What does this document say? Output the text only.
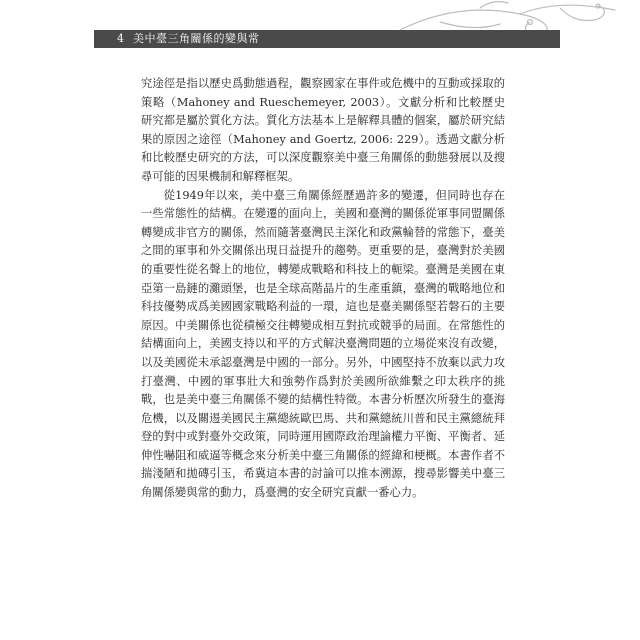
4 美中臺三角關係的變與常

究途徑是指以歷史爲動態過程，觀察國家在事件或危機中的互動或採取的策略（Mahoney and Rueschemeyer, 2003）。文獻分析和比較歷史研究都是屬於質化方法。質化方法基本上是解釋具體的個案，屬於研究結果的原因之途徑（Mahoney and Goertz, 2006: 229）。透過文獻分析和比較歷史研究的方法，可以深度觀察美中臺三角關係的動態發展以及搜尋可能的因果機制和解釋框架。

從1949年以來，美中臺三角關係經歷過許多的變遷，但同時也存在一些常態性的結構。在變遷的面向上，美國和臺灣的關係從軍事同盟關係轉變成非官方的關係，然而隨著臺灣民主深化和政黨輪替的常態下，臺美之間的軍事和外交關係出現日益提升的趨勢。更重要的是，臺灣對於美國的重要性從名聲上的地位，轉變成戰略和科技上的軛梁。臺灣是美國在東亞第一島鏈的灘頭堡，也是全球高階晶片的生產重鎮，臺灣的戰略地位和科技優勢成爲美國國家戰略利益的一環，這也是臺美關係堅若磐石的主要原因。中美關係也從積極交往轉變成相互對抗或競爭的局面。在常態性的結構面向上，美國支持以和平的方式解決臺灣問題的立場從來沒有改變，以及美國從未承認臺灣是中國的一部分。另外，中國堅持不放棄以武力攻打臺灣、中國的軍事壯大和強勢作爲對於美國所欲維繫之印太秩序的挑戰，也是美中臺三角關係不變的結構性特徵。本書分析歷次所發生的臺海危機，以及關逷美國民主黨總統歐巴馬、共和黨總統川普和民主黨總統拜登的對中或對臺外交政策，同時運用國際政治理論權力平衡、平衡者、延伸性嚇阻和威逼等概念來分析美中臺三角關係的經緯和梗概。本書作者不揣淺陋和拋磚引玉，希冀這本書的討論可以推本溯源，搜尋影響美中臺三角關係變與常的動力，爲臺灣的安全研究貢獻一番心力。
